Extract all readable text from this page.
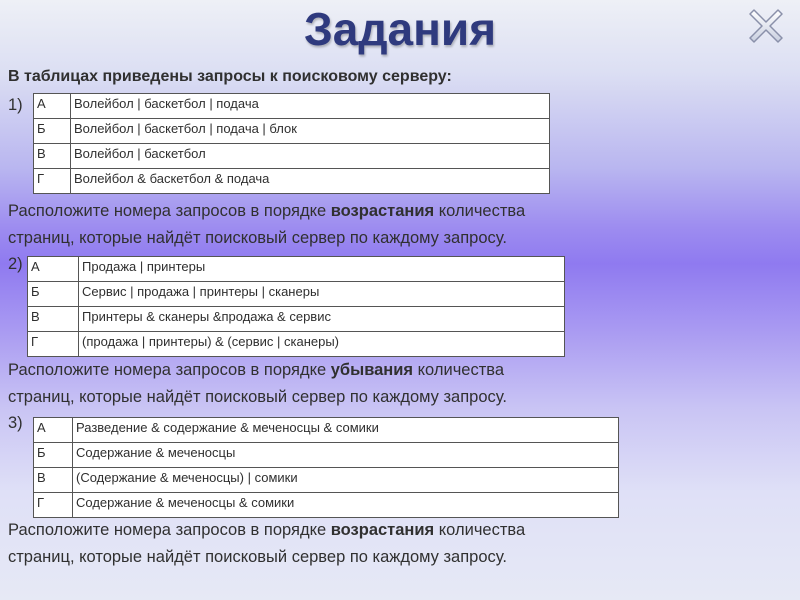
Задания
В таблицах приведены запросы к поисковому серверу:
1) А	Волейбол | баскетбол | подача
Б	Волейбол | баскетбол | подача | блок
В	Волейбол | баскетбол
Г	Волейбол & баскетбол & подача
Расположите номера запросов в порядке возрастания количества
страниц, которые найдёт поисковый сервер по каждому запросу.
2) А	Продажа | принтеры
Б	Сервис | продажа | принтеры | сканеры
В	Принтеры & сканеры &продажа & сервис
Г	(продажа | принтеры) & (сервис | сканеры)
Расположите номера запросов в порядке убывания количества
страниц, которые найдёт поисковый сервер по каждому запросу.
3) А	Разведение & содержание & меченосцы & сомики
Б	Содержание & меченосцы
В	(Содержание & меченосцы) | сомики
Г	Содержание & меченосцы & сомики
Расположите номера запросов в порядке возрастания количества
страниц, которые найдёт поисковый сервер по каждому запросу.
